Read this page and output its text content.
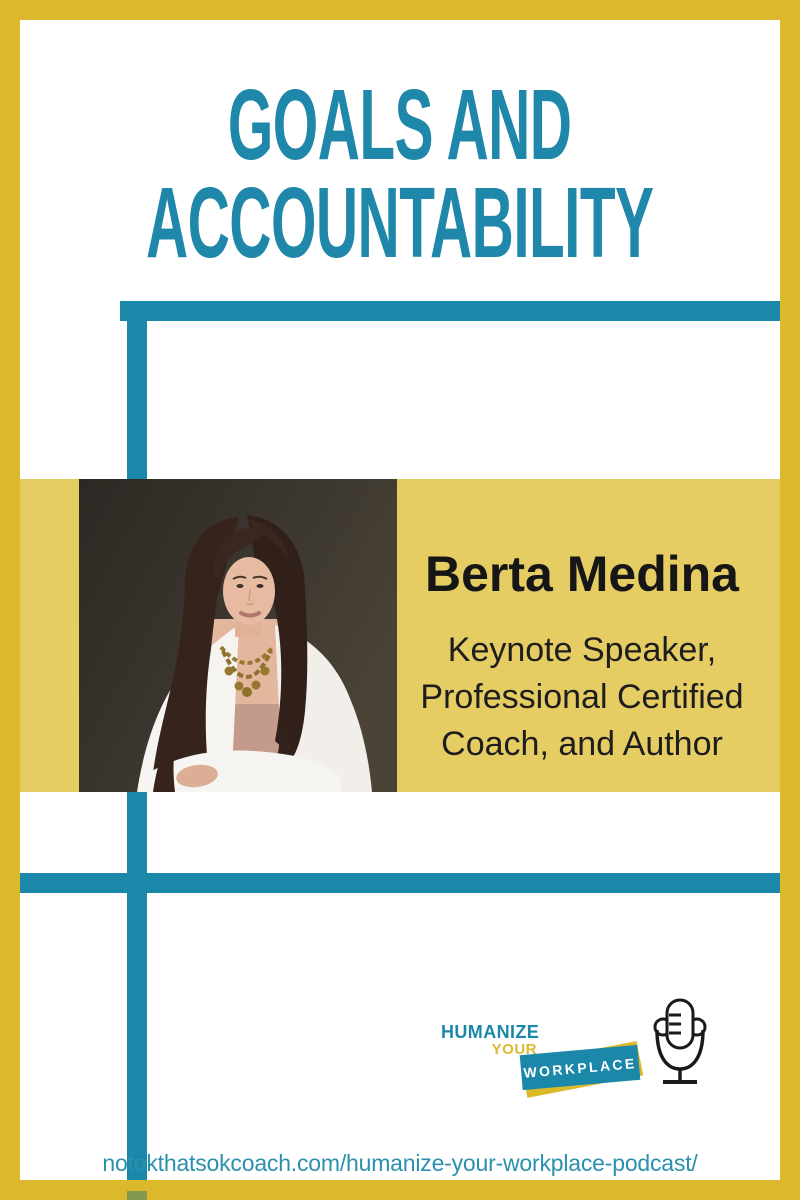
GOALS AND
ACCOUNTABILITY
Berta Medina
Keynote Speaker,
Professional Certified
Coach, and Author
HUMANIZE
YOUR
WORKPLACE
notokthatsokcoach.com/humanize-your-workplace-podcast/
